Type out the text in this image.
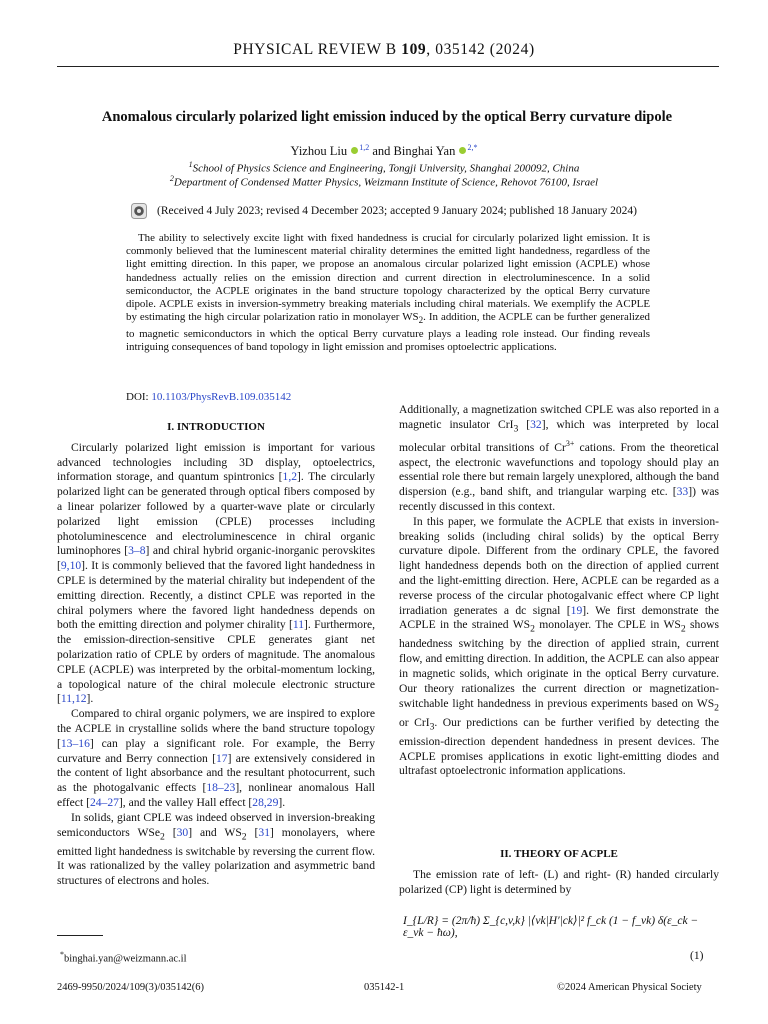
PHYSICAL REVIEW B 109, 035142 (2024)
Anomalous circularly polarized light emission induced by the optical Berry curvature dipole
Yizhou Liu $^{1,2}$ and Binghai Yan $^{2,*}$
$^1$School of Physics Science and Engineering, Tongji University, Shanghai 200092, China
$^2$Department of Condensed Matter Physics, Weizmann Institute of Science, Rehovot 76100, Israel
(Received 4 July 2023; revised 4 December 2023; accepted 9 January 2024; published 18 January 2024)
The ability to selectively excite light with fixed handedness is crucial for circularly polarized light emission. It is commonly believed that the luminescent material chirality determines the emitted light handedness, regardless of the light emitting direction. In this paper, we propose an anomalous circular polarized light emission (ACPLE) whose handedness actually relies on the emission direction and current direction in electroluminescence. In a solid semiconductor, the ACPLE originates in the band structure topology characterized by the optical Berry curvature dipole. ACPLE exists in inversion-symmetry breaking materials including chiral materials. We exemplify the ACPLE by estimating the high circular polarization ratio in monolayer $WS_2$. In addition, the ACPLE can be further generalized to magnetic semiconductors in which the optical Berry curvature plays a leading role instead. Our finding reveals intriguing consequences of band topology in light emission and promises optoelectric applications.
DOI: 10.1103/PhysRevB.109.035142
I. INTRODUCTION

Circularly polarized light emission is important for various advanced technologies including 3D display, optoelectrics, information storage, and quantum spintronics [1,2]. The circularly polarized light can be generated through optical fibers composed by a linear polarizer followed by a quarter-wave plate or circularly polarized light emission (CPLE) processes including photoluminescence and electroluminescence in chiral organic luminophores [3–8] and chiral hybrid organic-inorganic perovskites [9,10]. It is commonly believed that the favored light handedness in CPLE is determined by the material chirality but independent of the emitting direction. Recently, a distinct CPLE was reported in the chiral polymers where the favored light handedness depends on both the emitting direction and polymer chirality [11]. Furthermore, the emission-direction-sensitive CPLE generates giant net polarization ratio of CPLE by orders of magnitude. The anomalous CPLE (ACPLE) was interpreted by the orbital-momentum locking, a topological nature of the chiral molecule electronic structure [11,12].

Compared to chiral organic polymers, we are inspired to explore the ACPLE in crystalline solids where the band structure topology [13–16] can play a significant role. For example, the Berry curvature and Berry connection [17] are extensively considered in the content of light absorbance and the resultant photocurrent, such as the photogalvanic effects [18–23], nonlinear anomalous Hall effect [24–27], and the valley Hall effect [28,29].

In solids, giant CPLE was indeed observed in inversion-breaking semiconductors WSe$_2$ [30] and $WS_2$ [31] monolayers, where emitted light handedness is switchable by reversing the current flow. It was rationalized by the valley polarization and asymmetric band structures of electrons and holes.

Additionally, a magnetization switched CPLE was also reported in a magnetic insulator CrI$_3$ [32], which was interpreted by local molecular orbital transitions of $Cr^{3+}$ cations. From the theoretical aspect, the electronic wavefunctions and topology should play an essential role there but remain largely unexplored, although the band dispersion (e.g., band shift, and triangular warping etc. [33]) was recently discussed in this context.

In this paper, we formulate the ACPLE that exists in inversion-breaking solids (including chiral solids) by the optical Berry curvature dipole. Different from the ordinary CPLE, the favored light handedness depends both on the direction of applied current and the light-emitting direction. Here, ACPLE can be regarded as a reverse process of the circular photogalvanic effect where CP light irradiation generates a dc signal [19]. We first demonstrate the ACPLE in the strained $WS_2$ monolayer. The CPLE in $WS_2$ shows handedness switching by the direction of applied strain, current flow, and emitting direction. In addition, the ACPLE can also appear in magnetic solids, which originate in the optical Berry curvature. Our theory rationalizes the current direction or magnetization-switchable light handedness in previous experiments based on $WS_2$ or CrI$_3$. Our predictions can be further verified by detecting the emission-direction dependent handedness in present devices. The ACPLE promises applications in exotic light-emitting diodes and ultrafast optoelectronic information applications.

II. THEORY OF ACPLE

The emission rate of left- (L) and right- (R) handed circularly polarized (CP) light is determined by

I_{L/R} = (2π/ħ) Σ_{c,v,k} |⟨vk|H′|ck⟩|² f_ck (1 − f_vk) δ(ε_ck − ε_vk − ħω),
(1)
*binghai.yan@weizmann.ac.il
2469-9950/2024/109(3)/035142(6)	035142-1	©2024 American Physical Society
